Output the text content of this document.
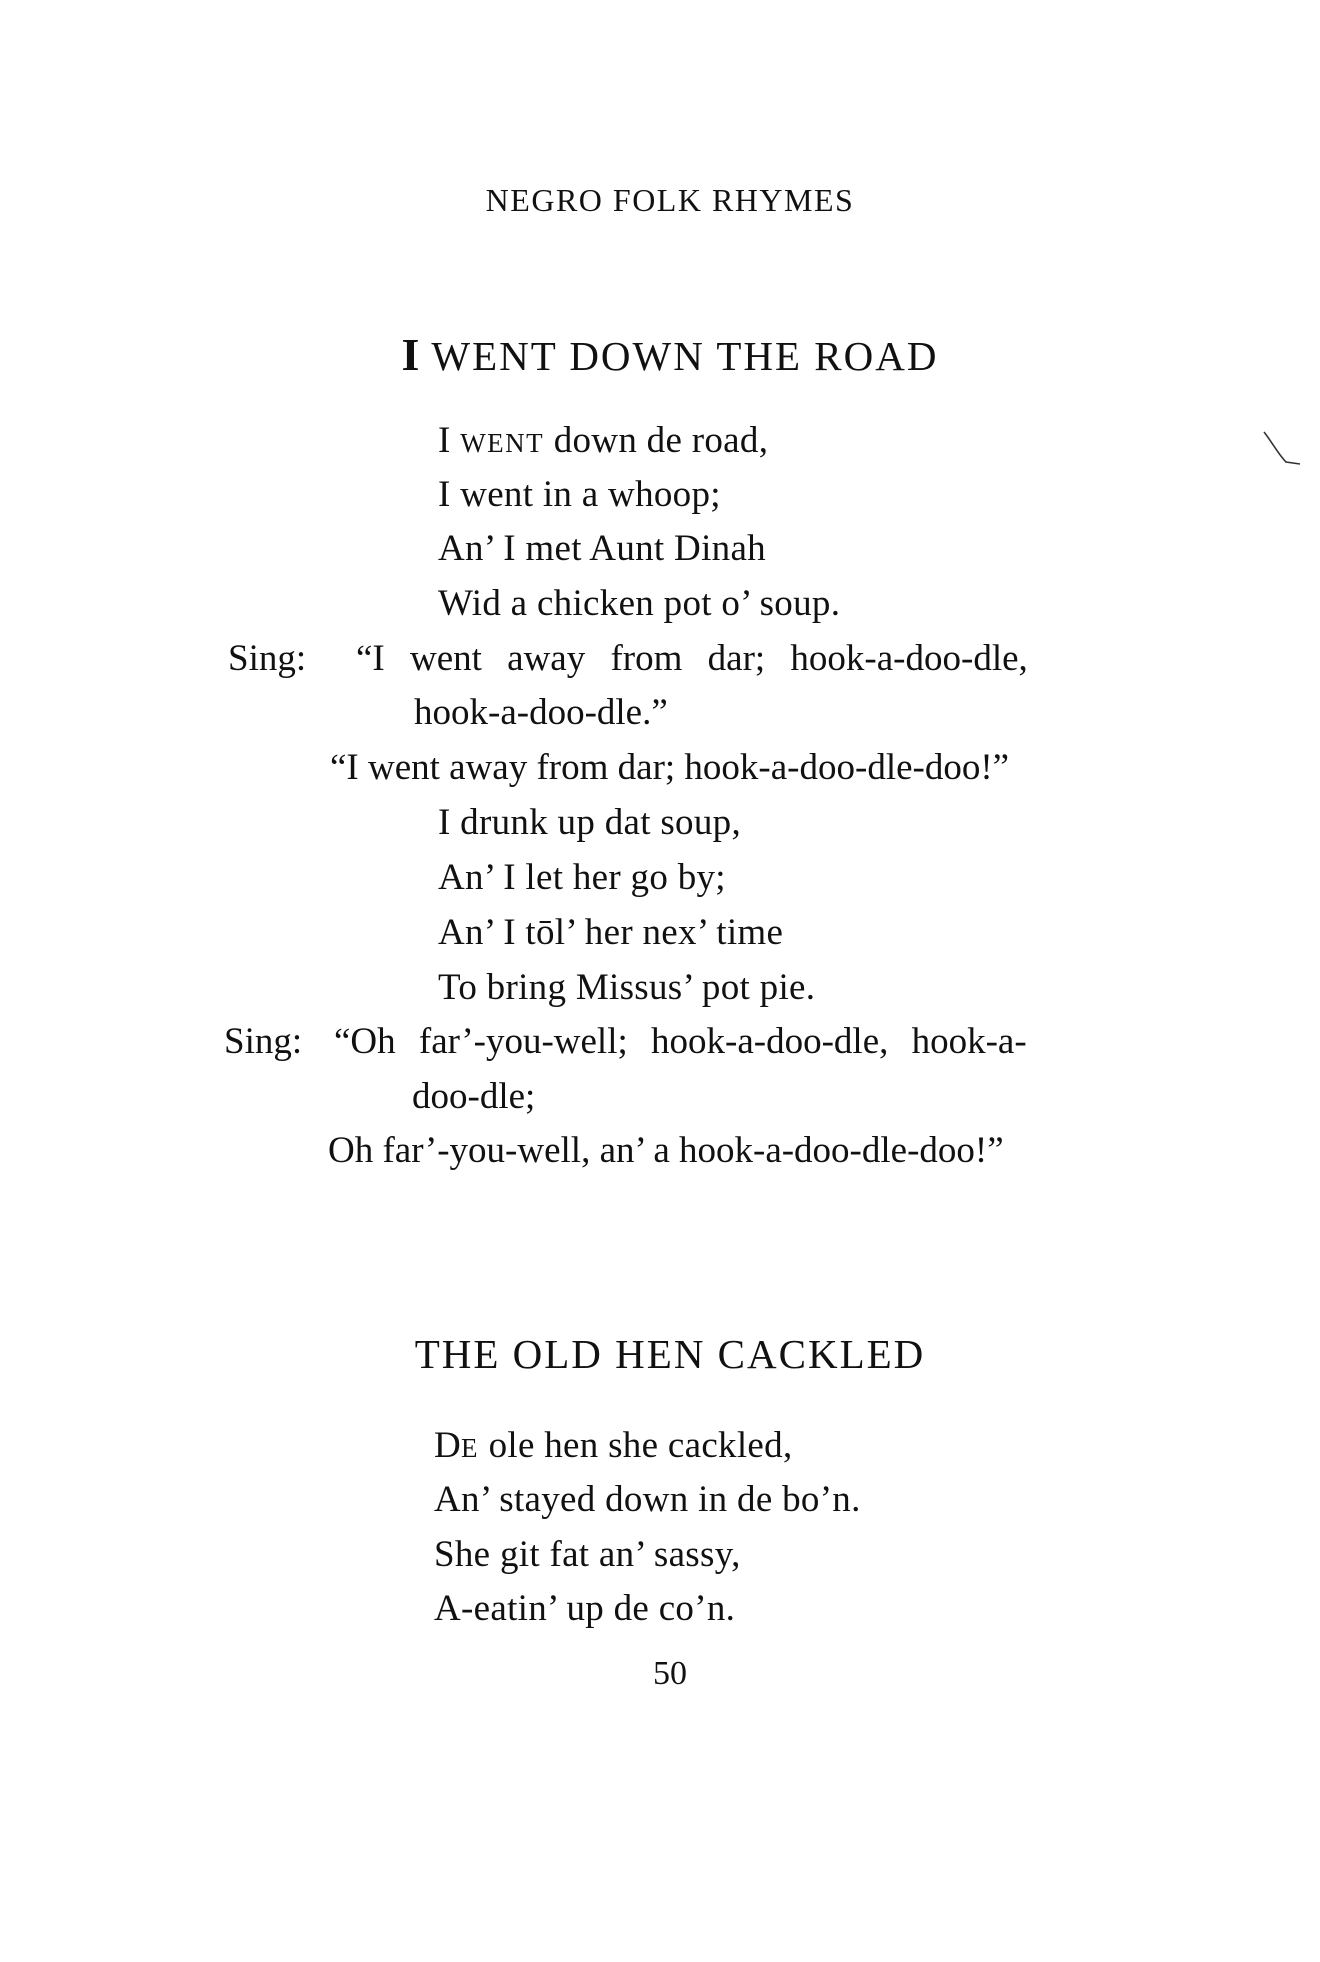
NEGRO FOLK RHYMES
I WENT DOWN THE ROAD
I WENT down de road,
I went in a whoop;
An’ I met Aunt Dinah
Wid a chicken pot o’ soup.
Sing: “I went away from dar; hook-a-doo-dle,
hook-a-doo-dle.”
“I went away from dar; hook-a-doo-dle-doo!”
I drunk up dat soup,
An’ I let her go by;
An’ I tōl’ her nex’ time
To bring Missus’ pot pie.
Sing: “Oh far’-you-well; hook-a-doo-dle, hook-a-
doo-dle;
Oh far’-you-well, an’ a hook-a-doo-dle-doo!”
THE OLD HEN CACKLED
DE ole hen she cackled,
An’ stayed down in de bo’n.
She git fat an’ sassy,
A-eatin’ up de co’n.
50
